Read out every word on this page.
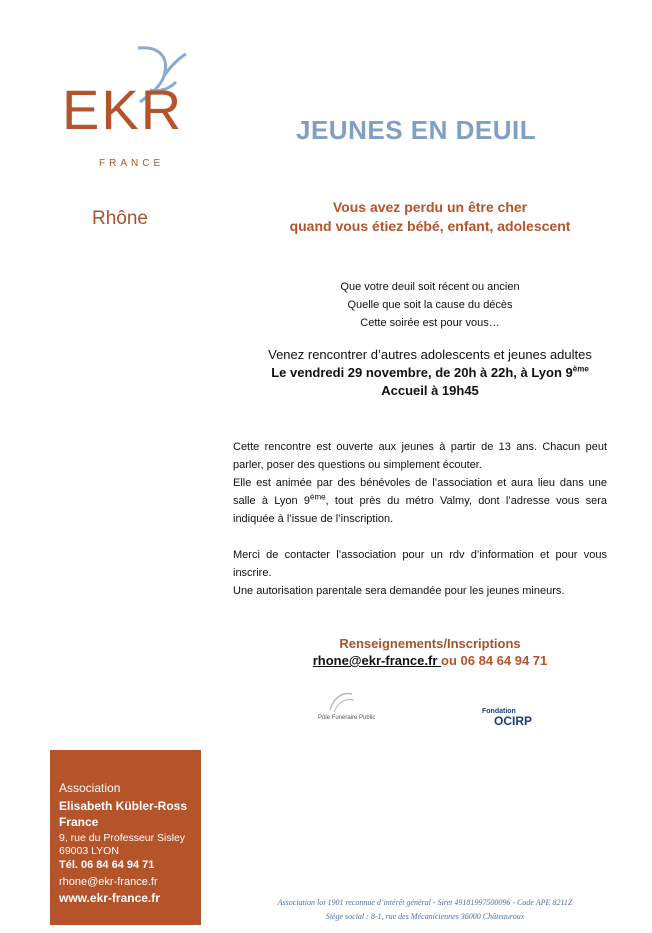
EKR
FRANCE
Rhône
JEUNES EN DEUIL
Vous avez perdu un être cher
quand vous étiez bébé, enfant, adolescent
Que votre deuil soit récent ou ancien
Quelle que soit la cause du décès
Cette soirée est pour vous…
Venez rencontrer d’autres adolescents et jeunes adultes
Le vendredi 29 novembre, de 20h à 22h, à Lyon 9ème
Accueil à 19h45

Cette rencontre est ouverte aux jeunes à partir de 13 ans. Chacun peut parler, poser des questions ou simplement écouter.

Elle est animée par des bénévoles de l’association et aura lieu dans une salle à Lyon 9ème, tout près du métro Valmy, dont l’adresse vous sera indiquée à l’issue de l’inscription.

Merci de contacter l’association pour un rdv d’information et pour vous inscrire.

Une autorisation parentale sera demandée pour les jeunes mineurs.

Renseignements/Inscriptions
rhone@ekr-france.fr ou 06 84 64 94 71
Pôle Funéraire Public
Fondation
OCIRP
Association
Elisabeth Kübler-Ross
France
9, rue du Professeur Sisley
69003 LYON
Tél. 06 84 64 94 71
rhone@ekr-france.fr
www.ekr-france.fr	Association loi 1901 reconnue d’intérêt général - Siret 49181997500096 - Code APE 8211Z
Siège social : 8-1, rue des Mécaniciennes 36000 Châteauroux
